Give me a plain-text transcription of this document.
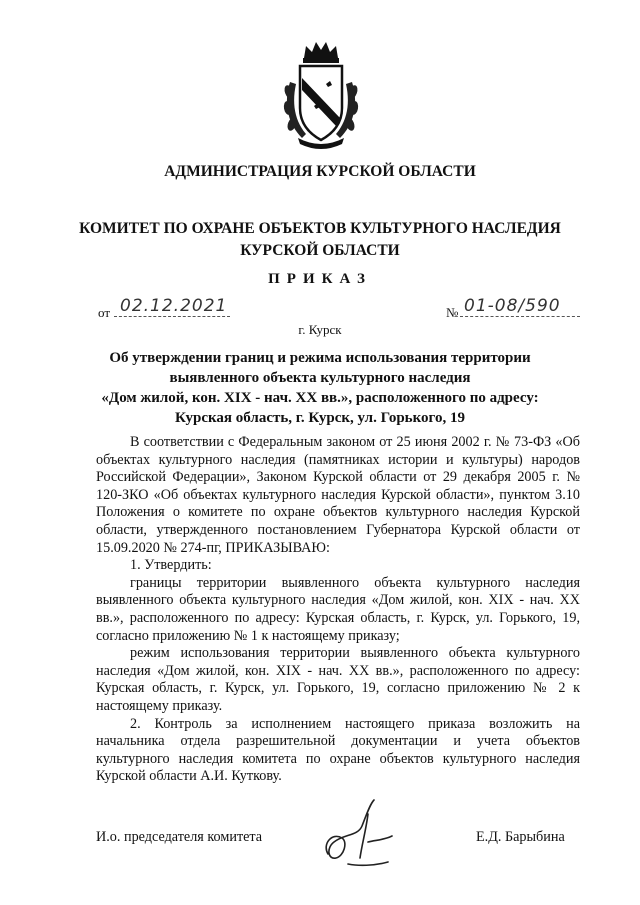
АДМИНИСТРАЦИЯ КУРСКОЙ ОБЛАСТИ
КОМИТЕТ ПО ОХРАНЕ ОБЪЕКТОВ КУЛЬТУРНОГО НАСЛЕДИЯ
КУРСКОЙ ОБЛАСТИ
ПРИКАЗ
от 02.12.2021	№ 01-08/590
г. Курск
Об утверждении границ и режима использования территории
выявленного объекта культурного наследия
«Дом жилой, кон. XIX - нач. XX вв.», расположенного по адресу:
Курская область, г. Курск, ул. Горького, 19

В соответствии с Федеральным законом от 25 июня 2002 г. № 73-ФЗ «Об объектах культурного наследия (памятниках истории и культуры) народов Российской Федерации», Законом Курской области от 29 декабря 2005 г. № 120-ЗКО «Об объектах культурного наследия Курской области», пунктом 3.10 Положения о комитете по охране объектов культурного наследия Курской области, утвержденного постановлением Губернатора Курской области от 15.09.2020 № 274-пг, ПРИКАЗЫВАЮ:

1. Утвердить:

границы территории выявленного объекта культурного наследия выявленного объекта культурного наследия «Дом жилой, кон. XIX - нач. XX вв.», расположенного по адресу: Курская область, г. Курск, ул. Горького, 19, согласно приложению № 1 к настоящему приказу;

режим использования территории выявленного объекта культурного наследия «Дом жилой, кон. XIX - нач. XX вв.», расположенного по адресу: Курская область, г. Курск, ул. Горького, 19, согласно приложению № 2 к настоящему приказу.

2. Контроль за исполнением настоящего приказа возложить на начальника отдела разрешительной документации и учета объектов культурного наследия комитета по охране объектов культурного наследия Курской области А.И. Куткову.

И.о. председателя комитета	Е.Д. Барыбина
